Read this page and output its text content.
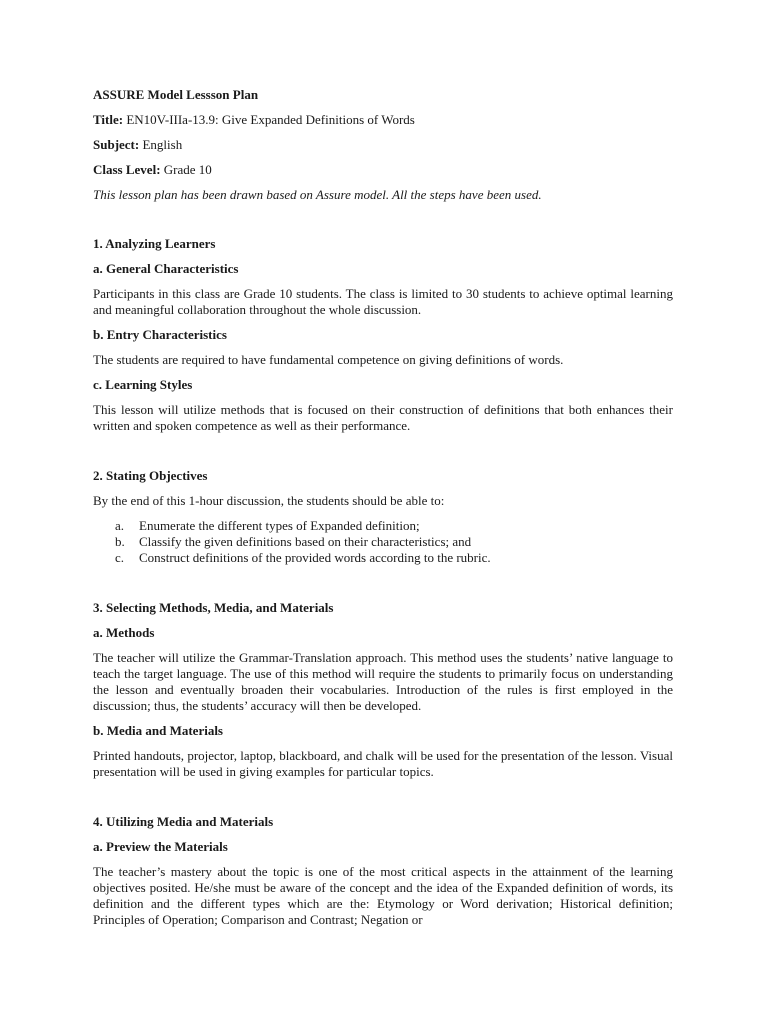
ASSURE Model Lessson Plan

Title: EN10V-IIIa-13.9: Give Expanded Definitions of Words

Subject: English

Class Level: Grade 10

This lesson plan has been drawn based on Assure model. All the steps have been used.

1. Analyzing Learners

a. General Characteristics

Participants in this class are Grade 10 students. The class is limited to 30 students to achieve optimal learning and meaningful collaboration throughout the whole discussion.

b. Entry Characteristics

The students are required to have fundamental competence on giving definitions of words.

c. Learning Styles

This lesson will utilize methods that is focused on their construction of definitions that both enhances their written and spoken competence as well as their performance.

2. Stating Objectives

By the end of this 1-hour discussion, the students should be able to:

a.	Enumerate the different types of Expanded definition;
b.	Classify the given definitions based on their characteristics; and
c.	Construct definitions of the provided words according to the rubric.

3. Selecting Methods, Media, and Materials

a. Methods

The teacher will utilize the Grammar-Translation approach. This method uses the students’ native language to teach the target language. The use of this method will require the students to primarily focus on understanding the lesson and eventually broaden their vocabularies. Introduction of the rules is first employed in the discussion; thus, the students’ accuracy will then be developed.

b. Media and Materials

Printed handouts, projector, laptop, blackboard, and chalk will be used for the presentation of the lesson. Visual presentation will be used in giving examples for particular topics.

4. Utilizing Media and Materials

a. Preview the Materials

The teacher’s mastery about the topic is one of the most critical aspects in the attainment of the learning objectives posited. He/she must be aware of the concept and the idea of the Expanded definition of words, its definition and the different types which are the: Etymology or Word derivation; Historical definition; Principles of Operation; Comparison and Contrast; Negation or
